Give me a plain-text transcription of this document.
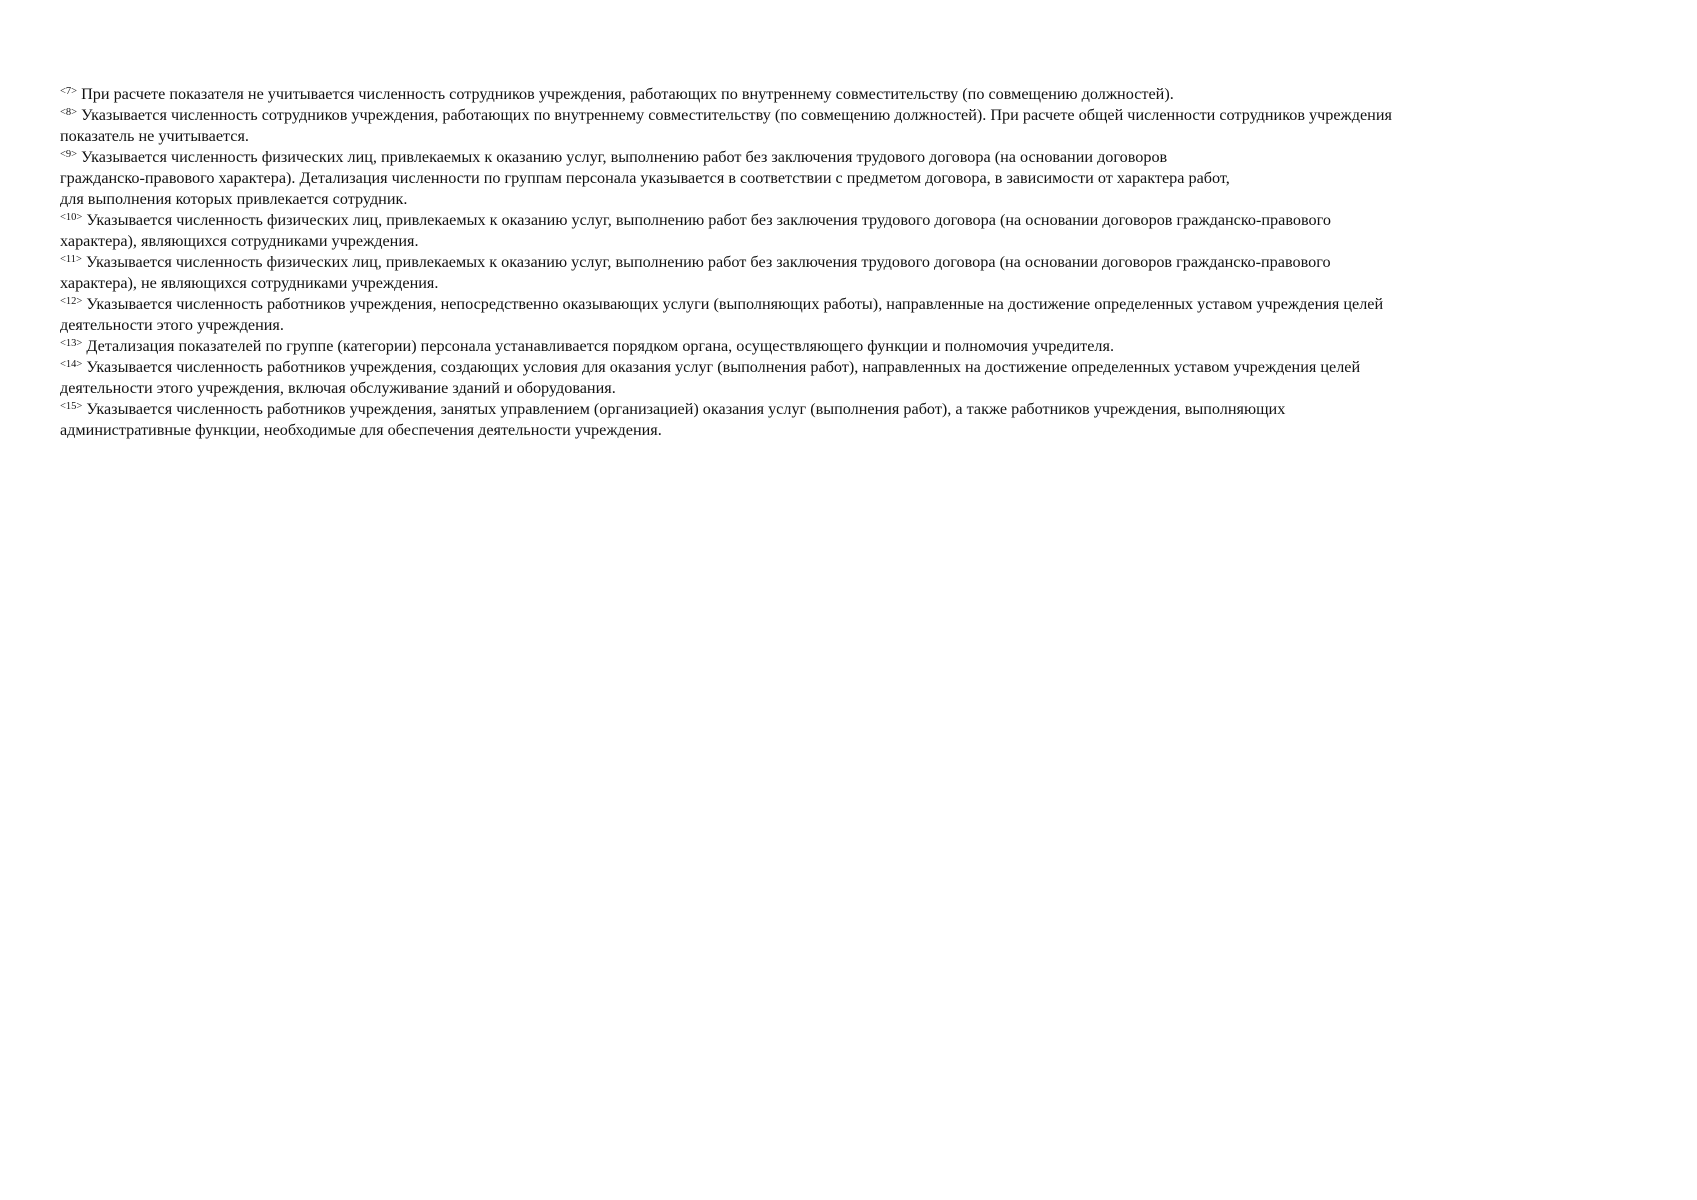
$^{<7>}$ При расчете показателя не учитывается численность сотрудников учреждения, работающих по внутреннему совместительству (по совмещению должностей).

$^{<8>}$ Указывается численность сотрудников учреждения, работающих по внутреннему совместительству (по совмещению должностей). При расчете общей численности сотрудников учреждения
показатель не учитывается.

$^{<9>}$ Указывается численность физических лиц, привлекаемых к оказанию услуг, выполнению работ без заключения трудового договора (на основании договоров
гражданско-правового характера). Детализация численности по группам персонала указывается в соответствии с предметом договора, в зависимости от характера работ,
для выполнения которых привлекается сотрудник.

$^{<10>}$ Указывается численность физических лиц, привлекаемых к оказанию услуг, выполнению работ без заключения трудового договора (на основании договоров гражданско-правового
характера), являющихся сотрудниками учреждения.

$^{<11>}$ Указывается численность физических лиц, привлекаемых к оказанию услуг, выполнению работ без заключения трудового договора (на основании договоров гражданско-правового
характера), не являющихся сотрудниками учреждения.

$^{<12>}$ Указывается численность работников учреждения, непосредственно оказывающих услуги (выполняющих работы), направленные на достижение определенных уставом учреждения целей
деятельности этого учреждения.

$^{<13>}$ Детализация показателей по группе (категории) персонала устанавливается порядком органа, осуществляющего функции и полномочия учредителя.

$^{<14>}$ Указывается численность работников учреждения, создающих условия для оказания услуг (выполнения работ), направленных на достижение определенных уставом учреждения целей
деятельности этого учреждения, включая обслуживание зданий и оборудования.

$^{<15>}$ Указывается численность работников учреждения, занятых управлением (организацией) оказания услуг (выполнения работ), а также работников учреждения, выполняющих
административные функции, необходимые для обеспечения деятельности учреждения.
